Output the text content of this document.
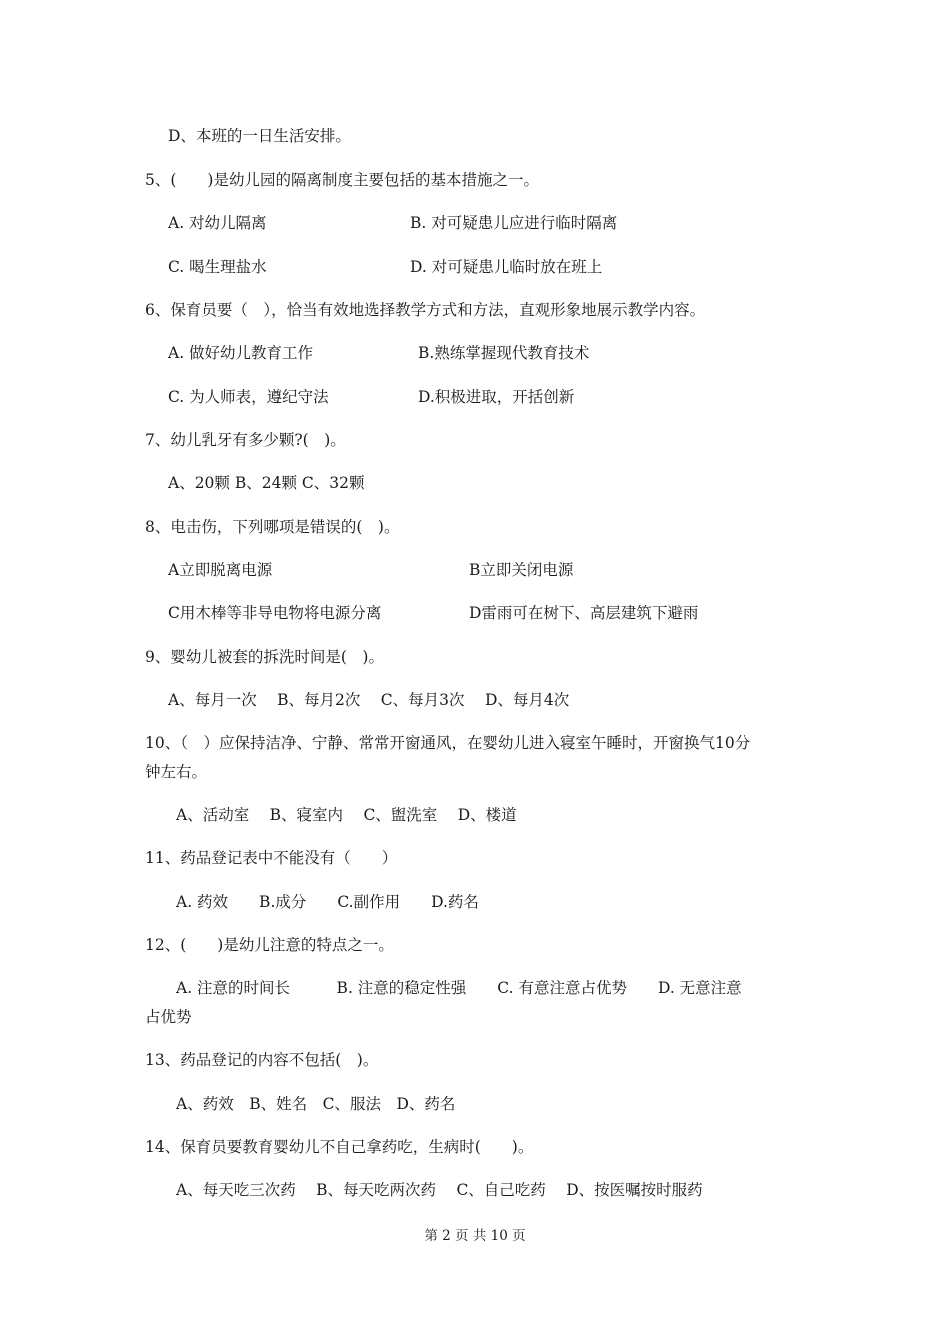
D、本班的一日生活安排。
5、(　　)是幼儿园的隔离制度主要包括的基本措施之一。
A. 对幼儿隔离	B. 对可疑患儿应进行临时隔离
C. 喝生理盐水	D. 对可疑患儿临时放在班上
6、保育员要（　），恰当有效地选择教学方式和方法，直观形象地展示教学内容。
A. 做好幼儿教育工作	B.熟练掌握现代教育技术
C. 为人师表，遵纪守法	D.积极进取，开括创新
7、幼儿乳牙有多少颗?(　)。
A、20颗 B、24颗 C、32颗
8、电击伤，下列哪项是错误的(　)。
A立即脱离电源	B立即关闭电源
C用木棒等非导电物将电源分离	D雷雨可在树下、高层建筑下避雨
9、婴幼儿被套的拆洗时间是(　)。
A、每月一次　 B、每月2次　 C、每月3次　 D、每月4次
10、（　）应保持洁净、宁静、常常开窗通风，在婴幼儿进入寝室午睡时，开窗换气10分
钟左右。
A、活动室　 B、寝室内　 C、盥洗室　 D、楼道
11、药品登记表中不能没有（　　）
A. 药效　　B.成分　　C.副作用　　D.药名
12、(　　)是幼儿注意的特点之一。
A. 注意的时间长　　　B. 注意的稳定性强　　C. 有意注意占优势　　D. 无意注意
占优势
13、药品登记的内容不包括(　)。
A、药效　B、姓名　C、服法　D、药名
14、保育员要教育婴幼儿不自己拿药吃，生病时(　　)。
A、每天吃三次药　 B、每天吃两次药　 C、自己吃药　 D、按医嘱按时服药
第 2 页 共 10 页
